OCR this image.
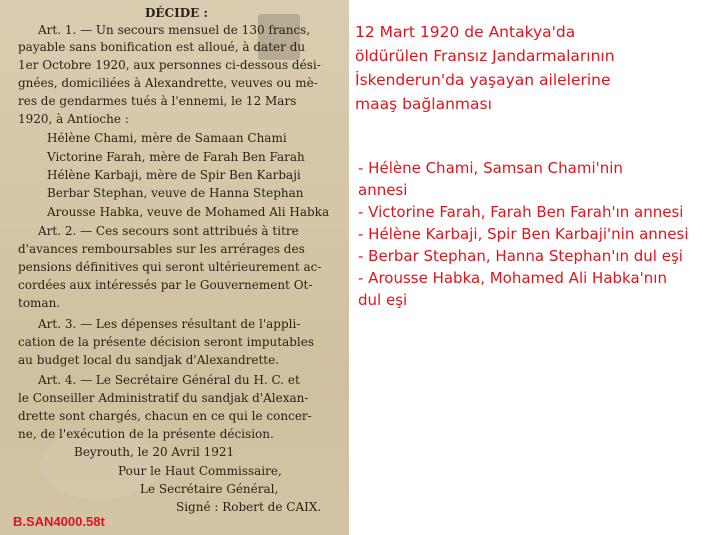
DÉCIDE :
Art. 1. — Un secours mensuel de 130 francs,
payable sans bonification est alloué, à dater du
1er Octobre 1920, aux personnes ci-dessous dési-
gnées, domiciliées à Alexandrette, veuves ou mè-
res de gendarmes tués à l'ennemi, le 12 Mars
1920, à Antioche :
Hélène Chami, mère de Samaan Chami
Victorine Farah, mère de Farah Ben Farah
Hélène Karbaji, mère de Spir Ben Karbaji
Berbar Stephan, veuve de Hanna Stephan
Arousse Habka, veuve de Mohamed Ali Habka
Art. 2. — Ces secours sont attribués à titre
d'avances remboursables sur les arrérages des
pensions définitives qui seront ultérieurement ac-
cordées aux intéressés par le Gouvernement Ot-
toman.
Art. 3. — Les dépenses résultant de l'appli-
cation de la présente décision seront imputables
au budget local du sandjak d'Alexandrette.
Art. 4. — Le Secrétaire Général du H. C. et
le Conseiller Administratif du sandjak d'Alexan-
drette sont chargés, chacun en ce qui le concer-
ne, de l'exécution de la présente décision.
Beyrouth, le 20 Avril 1921
Pour le Haut Commissaire,
Le Secrétaire Général,
Signé : Robert de CAIX.
B.SAN4000.58t
12 Mart 1920 de Antakya'da
öldürülen Fransız Jandarmalarının
İskenderun'da yaşayan ailelerine
maaş bağlanması
- Hélène Chami, Samsan Chami'nin
annesi
- Victorine Farah, Farah Ben Farah'ın annesi
- Hélène Karbaji, Spir Ben Karbaji'nin annesi
- Berbar Stephan, Hanna Stephan'ın dul eşi
- Arousse Habka, Mohamed Ali Habka'nın
dul eşi
